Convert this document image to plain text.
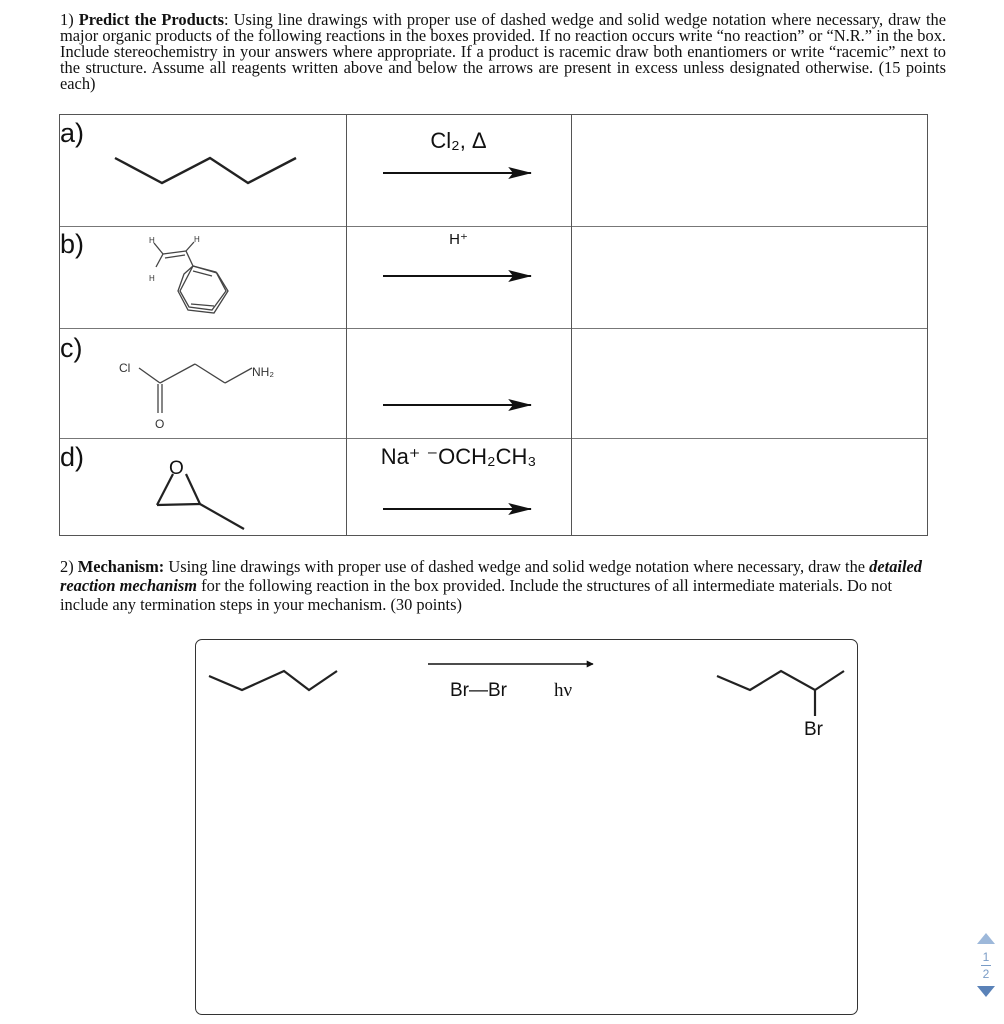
1) Predict the Products: Using line drawings with proper use of dashed wedge and solid wedge notation where necessary, draw the major organic products of the following reactions in the boxes provided. If no reaction occurs write “no reaction” or “N.R.” in the box. Include stereochemistry in your answers where appropriate. If a product is racemic draw both enantiomers or write “racemic” next to the structure. Assume all reagents written above and below the arrows are present in excess unless designated otherwise. (15 points each)
a)
b)
c)
d)
Cl₂, Δ
H⁺
Na⁺ ⁻OCH₂CH₃
H	H
H
Cl	NH₂
O
O
Br
2) Mechanism: Using line drawings with proper use of dashed wedge and solid wedge notation where necessary, draw the detailed reaction mechanism for the following reaction in the box provided. Include the structures of all intermediate materials. Do not include any termination steps in your mechanism. (30 points)
Br—Br hν
1
2
